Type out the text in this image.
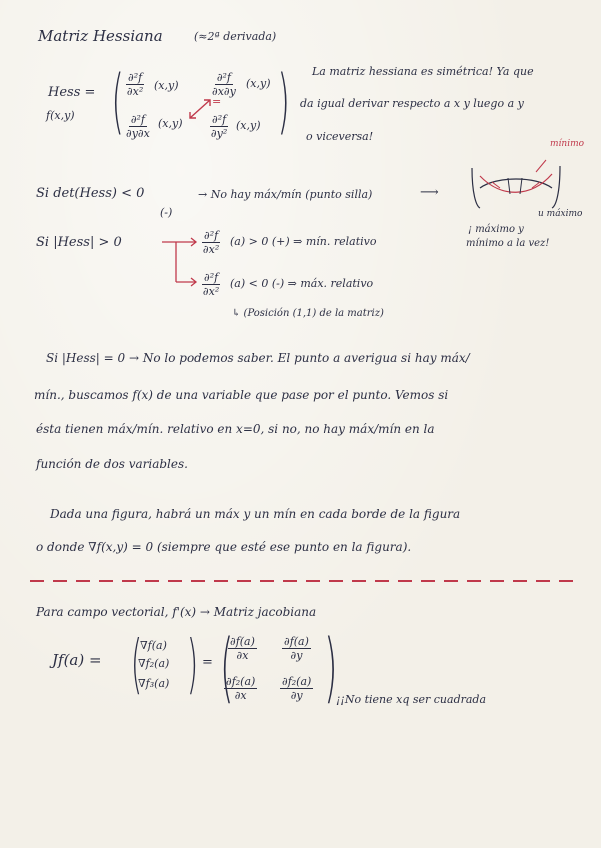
Matriz Hessiana	(≈2ª derivada)
Hess =
f(x,y) ( )
$\frac{\text{∂²f}}{\text{∂x²}} (x,y)$	$\frac{\text{∂²f}}{\partial x\partial y} (x,y)$
$\frac{\text{∂²f}}{\partial y\partial x} (x,y)$	$\frac{\text{∂²f}}{\text{∂y²}} (x,y)$
=
La matriz hessiana es simétrica! Ya que
da igual derivar respecto a x y luego a y
o viceversa!
Si det(Hess) < 0
(-)
→ No hay máx/mín (punto silla)	⟶
mínimo
u máximo
¡ máximo y
mínimo a la vez!
Si |Hess| > 0	$\frac{\text{∂²f}}{\text{∂x²}} (a) > 0$ (+) ⇒ mín. relativo
$\frac{\text{∂²f}}{\text{∂x²}} (a) < 0$ (-) ⇒ máx. relativo
↳ (Posición (1,1) de la matriz)
Si |Hess| = 0 → No lo podemos saber. El punto a averigua si hay máx/
mín., buscamos f(x) de una variable que pase por el punto. Vemos si
ésta tienen máx/mín. relativo en x=0, si no, no hay máx/mín en la
función de dos variables.
Dada una figura, habrá un máx y un mín en cada borde de la figura
o donde ∇f(x,y) = 0 (siempre que esté ese punto en la figura).
Para campo vectorial, f'(x) → Matriz jacobiana
Jf(a) = (
∇f(a)
∇f₂(a)
∇f₃(a) ) = (
$\frac{\partial f(a)}{\partial x} \frac{\partial f(a)}{\partial y}$
$\frac{\text{∂f₂(a)}}{\partial x} \frac{\text{∂f₂(a)}}{\partial y}$ )
¡¡No tiene xq ser cuadrada
